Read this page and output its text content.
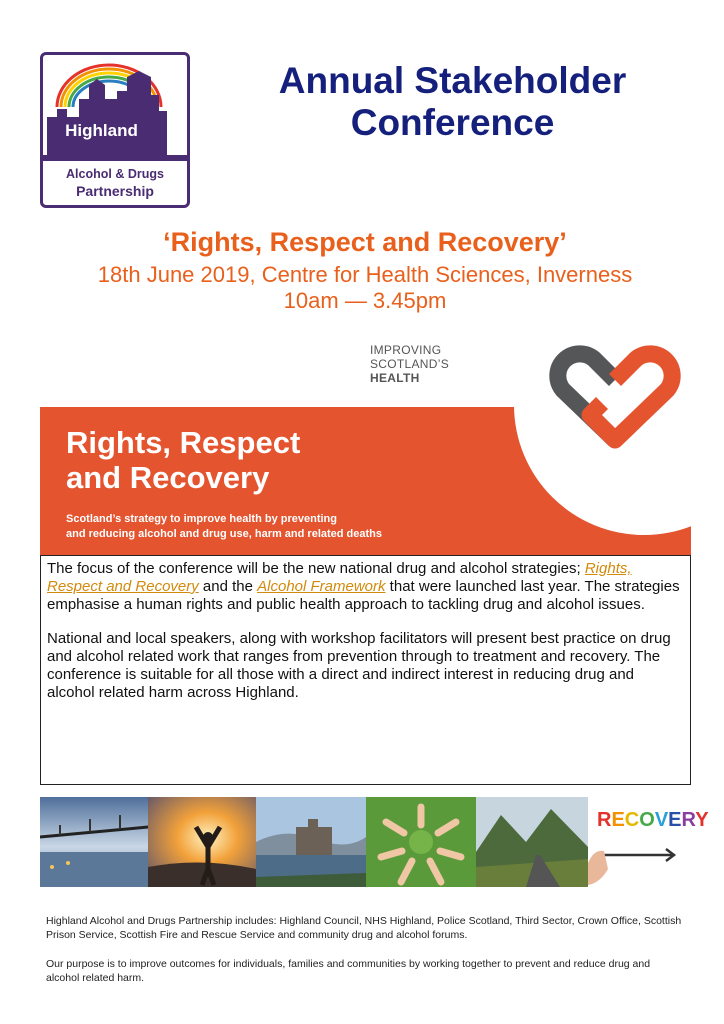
Highland
Alcohol & Drugs
Partnership
Annual Stakeholder
Conference
‘Rights, Respect and Recovery’
18th June 2019, Centre for Health Sciences, Inverness
10am — 3.45pm
IMPROVING
SCOTLAND’S
HEALTH
Rights, Respect
and Recovery
Scotland’s strategy to improve health by preventing
and reducing alcohol and drug use, harm and related deaths

The focus of the conference will be the new national drug and alcohol strategies; Rights, Respect and Recovery and the Alcohol Framework that were launched last year. The strategies emphasise a human rights and public health approach to tackling drug and alcohol issues.

National and local speakers, along with workshop facilitators will present best practice on drug and alcohol related work that ranges from prevention through to treatment and recovery. The conference is suitable for all those with a direct and indirect interest in reducing drug and alcohol related harm across Highland.

RECOVERY
Highland Alcohol and Drugs Partnership includes: Highland Council, NHS Highland, Police Scotland, Third Sector, Crown Office, Scottish Prison Service, Scottish Fire and Rescue Service and community drug and alcohol forums.
Our purpose is to improve outcomes for individuals, families and communities by working together to prevent and reduce drug and alcohol related harm.
